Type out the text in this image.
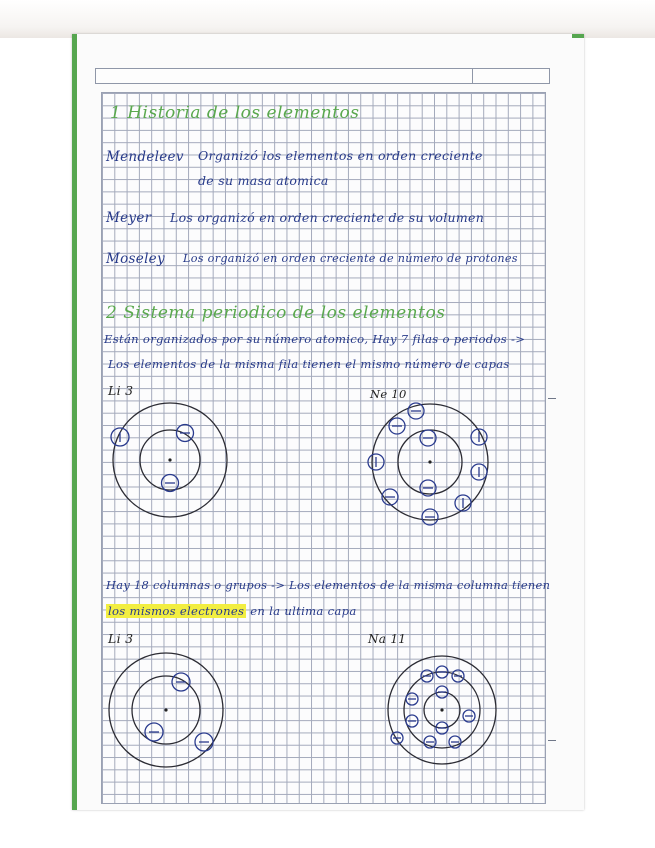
1 Historia de los elementos
Mendeleev Organizó los elementos en orden creciente
de su masa atomica
Meyer Los organizó en orden creciente de su volumen
Moseley Los organizó en orden creciente de número de protones
2 Sistema periodico de los elementos
Están organizados por su número atomico, Hay 7 filas o periodos ->
Los elementos de la misma fila tienen el mismo número de capas
Li 3	Ne 10
Hay 18 columnas o grupos -> Los elementos de la misma columna tienen
los mismos electrones en la ultima capa
Li 3	Na 11
